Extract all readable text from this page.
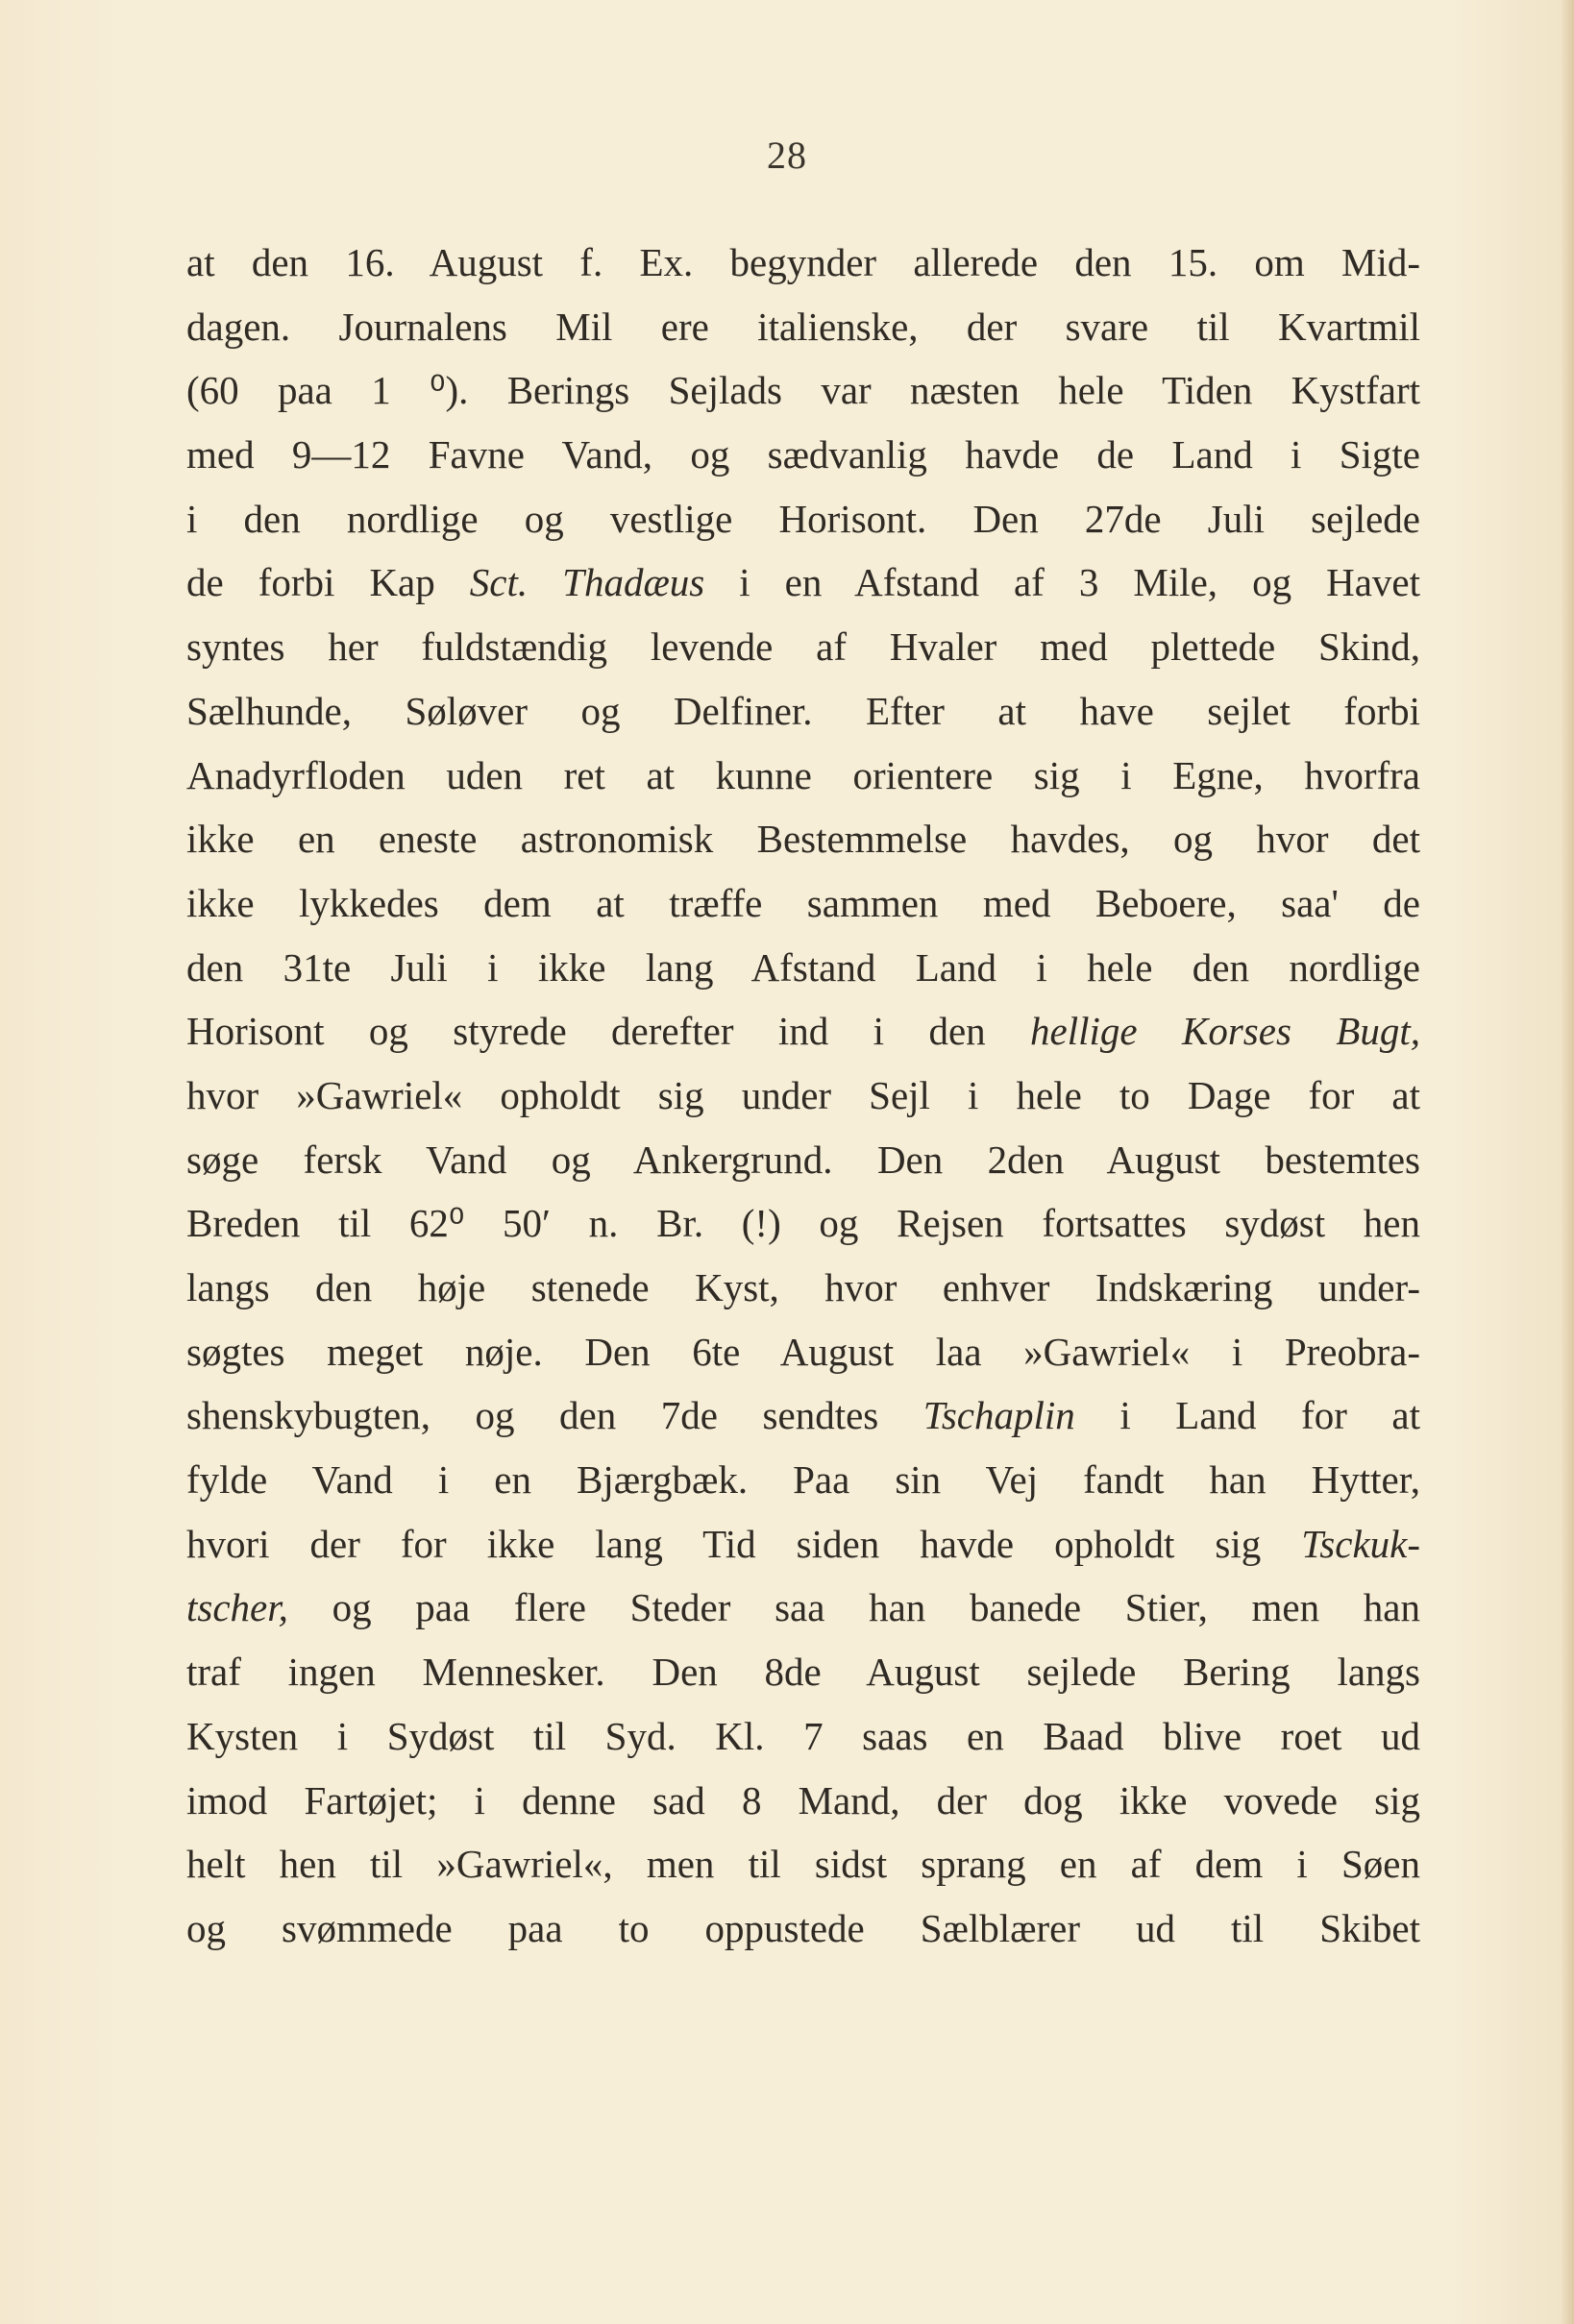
28
at den 16. August f. Ex. begynder allerede den 15. om Mid-
dagen. Journalens Mil ere italienske, der svare til Kvartmil
(60 paa 1 ⁰). Berings Sejlads var næsten hele Tiden Kystfart
med 9—12 Favne Vand, og sædvanlig havde de Land i Sigte
i den nordlige og vestlige Horisont. Den 27de Juli sejlede
de forbi Kap Sct. Thadæus i en Afstand af 3 Mile, og Havet
syntes her fuldstændig levende af Hvaler med plettede Skind,
Sælhunde, Søløver og Delfiner. Efter at have sejlet forbi
Anadyrfloden uden ret at kunne orientere sig i Egne, hvorfra
ikke en eneste astronomisk Bestemmelse havdes, og hvor det
ikke lykkedes dem at træffe sammen med Beboere, saa' de
den 31te Juli i ikke lang Afstand Land i hele den nordlige
Horisont og styrede derefter ind i den hellige Korses Bugt,
hvor »Gawriel« opholdt sig under Sejl i hele to Dage for at
søge fersk Vand og Ankergrund. Den 2den August bestemtes
Breden til 62⁰ 50′ n. Br. (!) og Rejsen fortsattes sydøst hen
langs den høje stenede Kyst, hvor enhver Indskæring under-
søgtes meget nøje. Den 6te August laa »Gawriel« i Preobra-
shenskybugten, og den 7de sendtes Tschaplin i Land for at
fylde Vand i en Bjærgbæk. Paa sin Vej fandt han Hytter,
hvori der for ikke lang Tid siden havde opholdt sig Tsckuk-
tscher, og paa flere Steder saa han banede Stier, men han
traf ingen Mennesker. Den 8de August sejlede Bering langs
Kysten i Sydøst til Syd. Kl. 7 saas en Baad blive roet ud
imod Fartøjet; i denne sad 8 Mand, der dog ikke vovede sig
helt hen til »Gawriel«, men til sidst sprang en af dem i Søen
og svømmede paa to oppustede Sælblærer ud til Skibet
